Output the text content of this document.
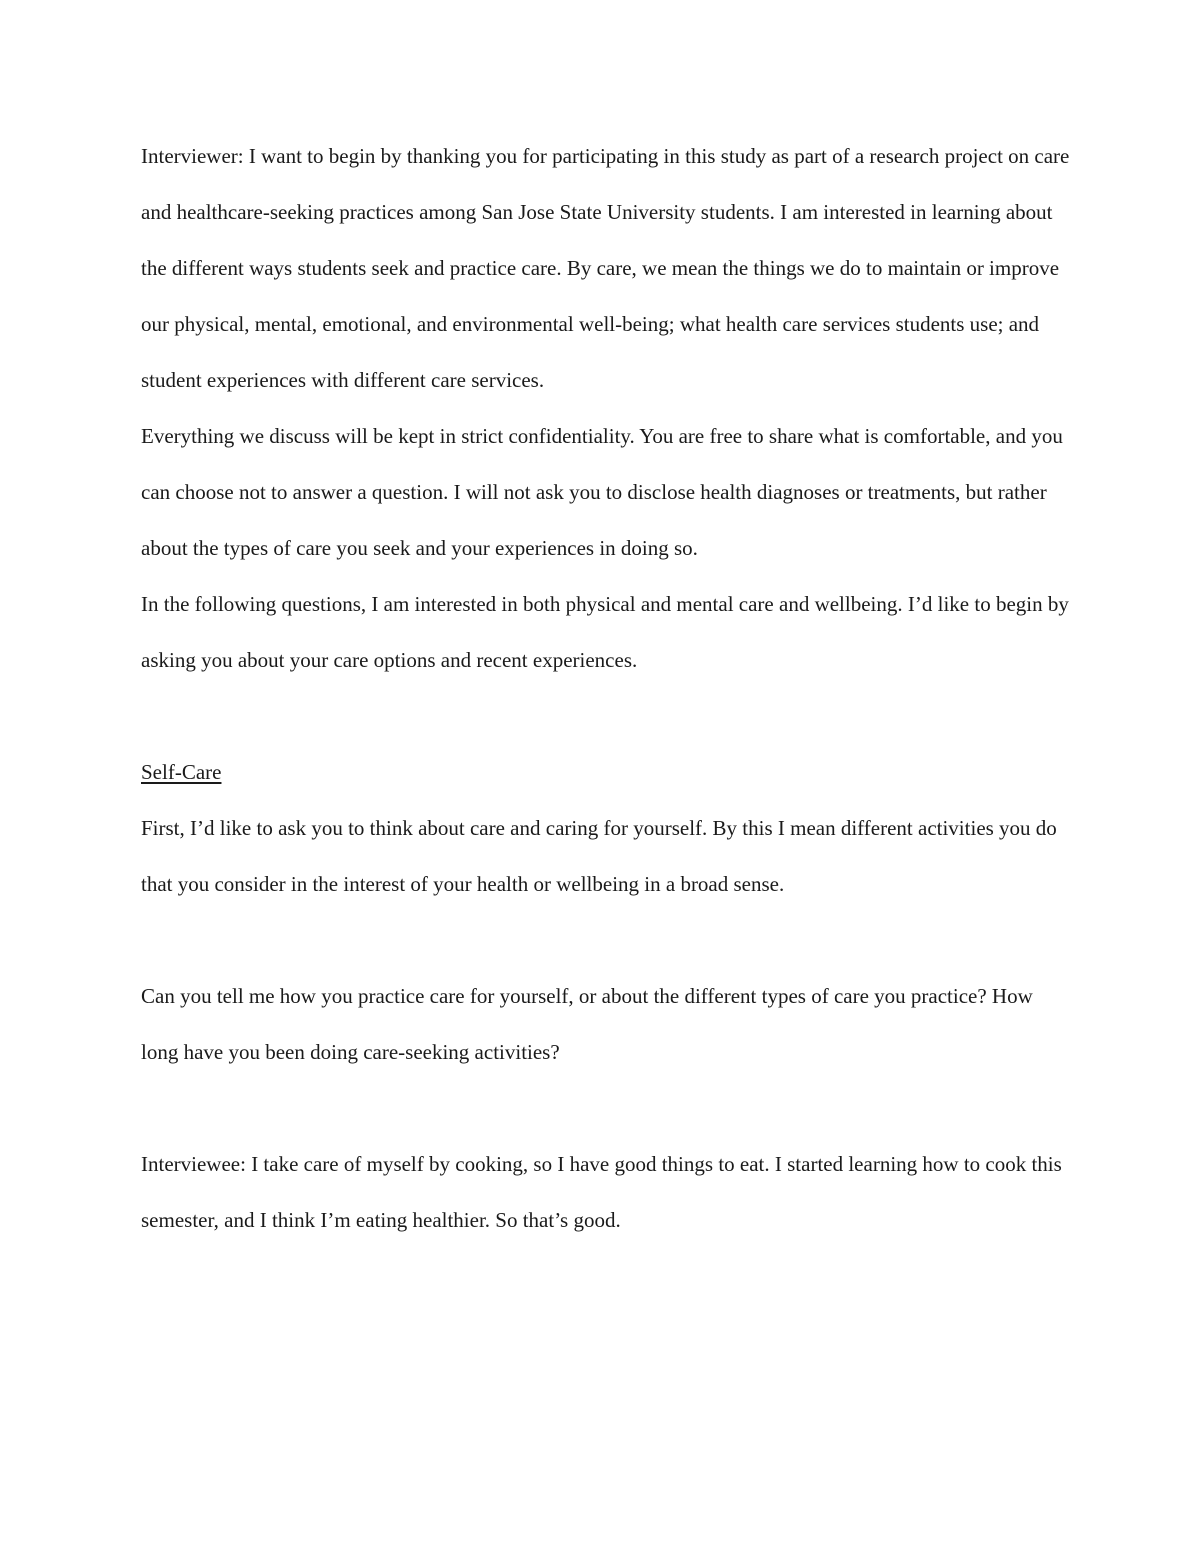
Interviewer: I want to begin by thanking you for participating in this study as part of a research project on care and healthcare-seeking practices among San Jose State University students. I am interested in learning about the different ways students seek and practice care. By care, we mean the things we do to maintain or improve our physical, mental, emotional, and environmental well-being; what health care services students use; and student experiences with different care services.

Everything we discuss will be kept in strict confidentiality. You are free to share what is comfortable, and you can choose not to answer a question. I will not ask you to disclose health diagnoses or treatments, but rather about the types of care you seek and your experiences in doing so.

In the following questions, I am interested in both physical and mental care and wellbeing. I’d like to begin by asking you about your care options and recent experiences.

Self-Care

First, I’d like to ask you to think about care and caring for yourself. By this I mean different activities you do that you consider in the interest of your health or wellbeing in a broad sense.

Can you tell me how you practice care for yourself, or about the different types of care you practice? How long have you been doing care-seeking activities?

Interviewee: I take care of myself by cooking, so I have good things to eat. I started learning how to cook this semester, and I think I’m eating healthier. So that’s good.
